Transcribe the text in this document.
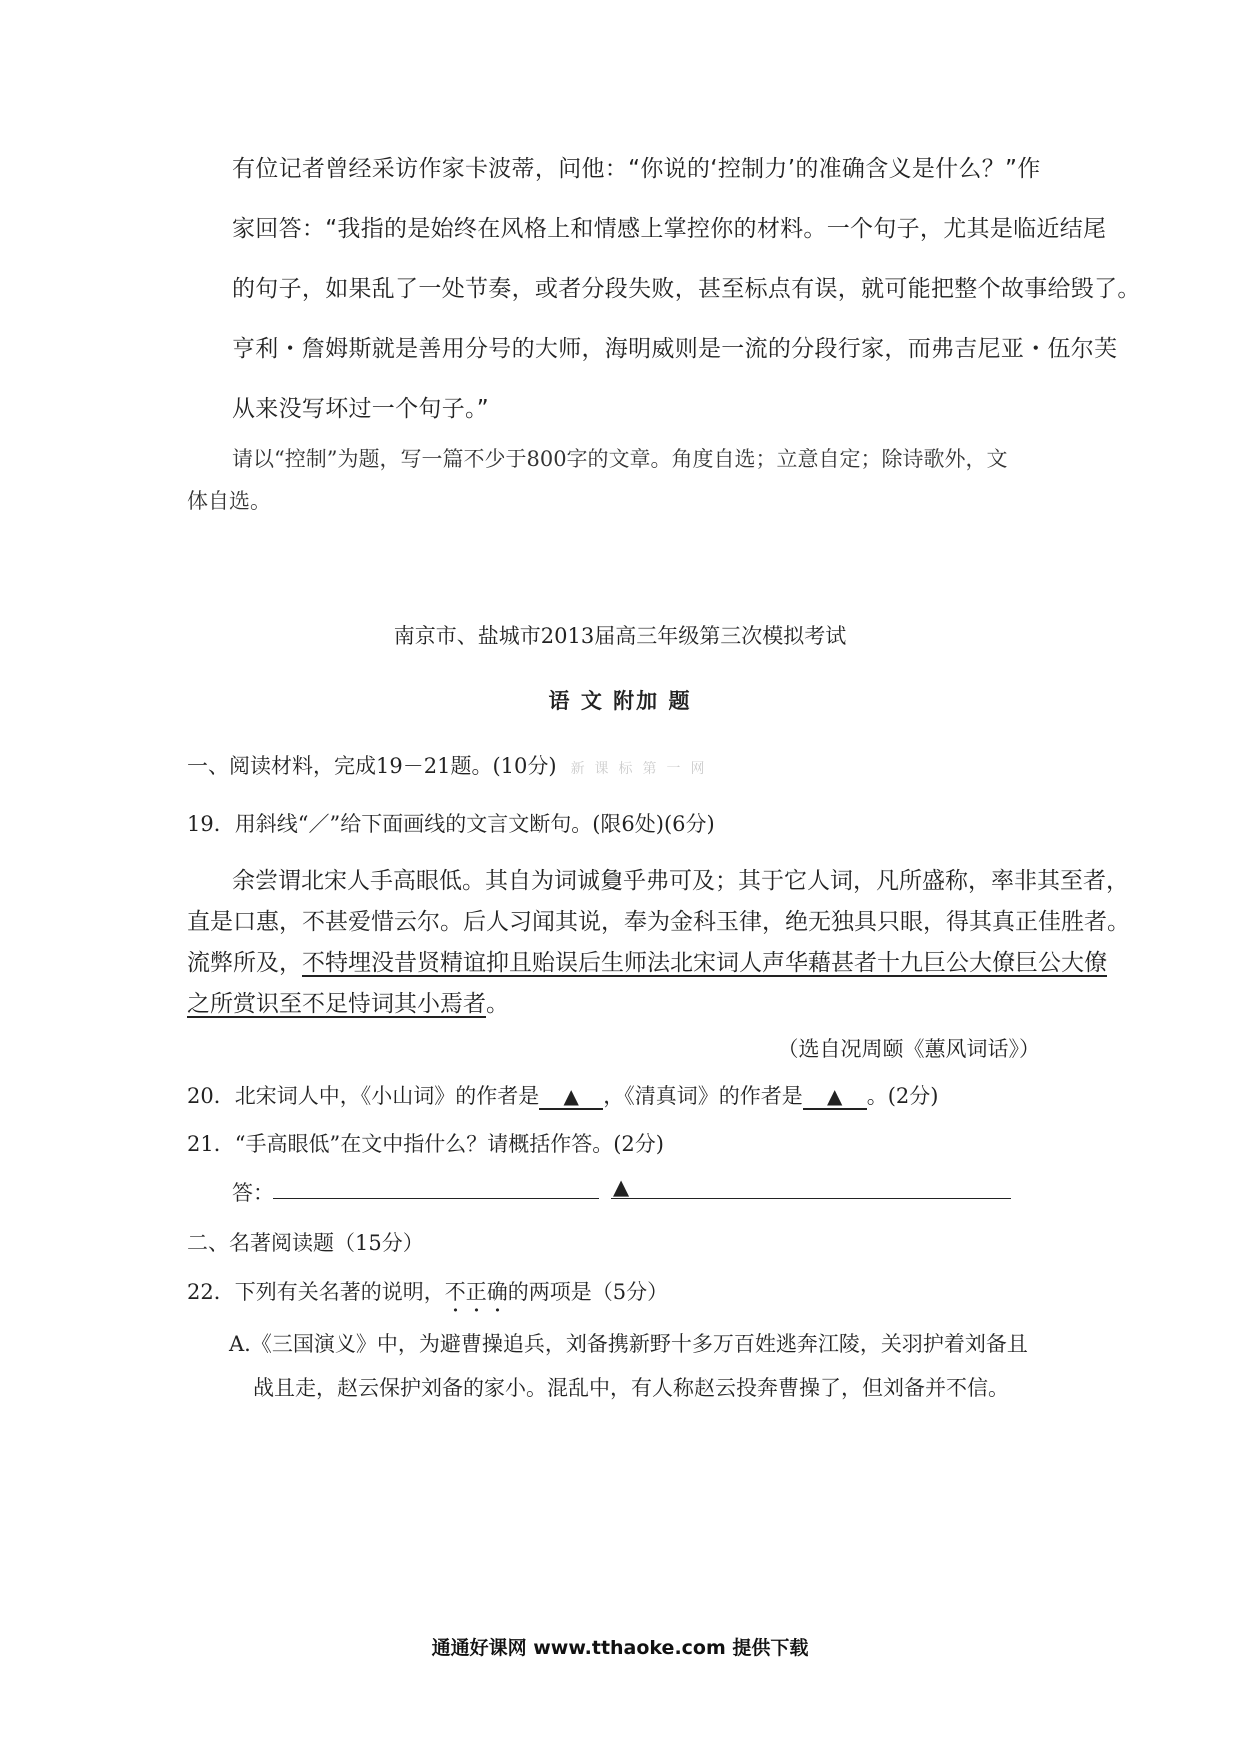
有位记者曾经采访作家卡波蒂，问他：“你说的‘控制力’的准确含义是什么？”作
家回答：“我指的是始终在风格上和情感上掌控你的材料。一个句子，尤其是临近结尾
的句子，如果乱了一处节奏，或者分段失败，甚至标点有误，就可能把整个故事给毁了。
亨利・詹姆斯就是善用分号的大师，海明威则是一流的分段行家，而弗吉尼亚・伍尔芙
从来没写坏过一个句子。”
请以“控制”为题，写一篇不少于800字的文章。角度自选；立意自定；除诗歌外，文
体自选。
南京市、盐城市2013届高三年级第三次模拟考试
语 文 附加 题
一、阅读材料，完成19－21题。(10分) 新课标第一网
19．用斜线“／”给下面画线的文言文断句。(限6处)(6分)
余尝谓北宋人手高眼低。其自为词诚敻乎弗可及；其于它人词，凡所盛称，率非其至者，
直是口惠，不甚爱惜云尔。后人习闻其说，奉为金科玉律，绝无独具只眼，得其真正佳胜者。
流弊所及，不特埋没昔贤精谊抑且贻误后生师法北宋词人声华藉甚者十九巨公大僚巨公大僚
之所赏识至不足恃词其小焉者。
（选自况周颐《蕙风词话》）
20．北宋词人中，《小山词》的作者是 ▲ ，《清真词》的作者是 ▲ 。(2分)
21．“手高眼低”在文中指什么？请概括作答。(2分)
答：	▲
二、名著阅读题（15分）
22．下列有关名著的说明，不正确的两项是（5分）
A.《三国演义》中，为避曹操追兵，刘备携新野十多万百姓逃奔江陵，关羽护着刘备且
战且走，赵云保护刘备的家小。混乱中，有人称赵云投奔曹操了，但刘备并不信。
通通好课网 www.tthaoke.com 提供下载
